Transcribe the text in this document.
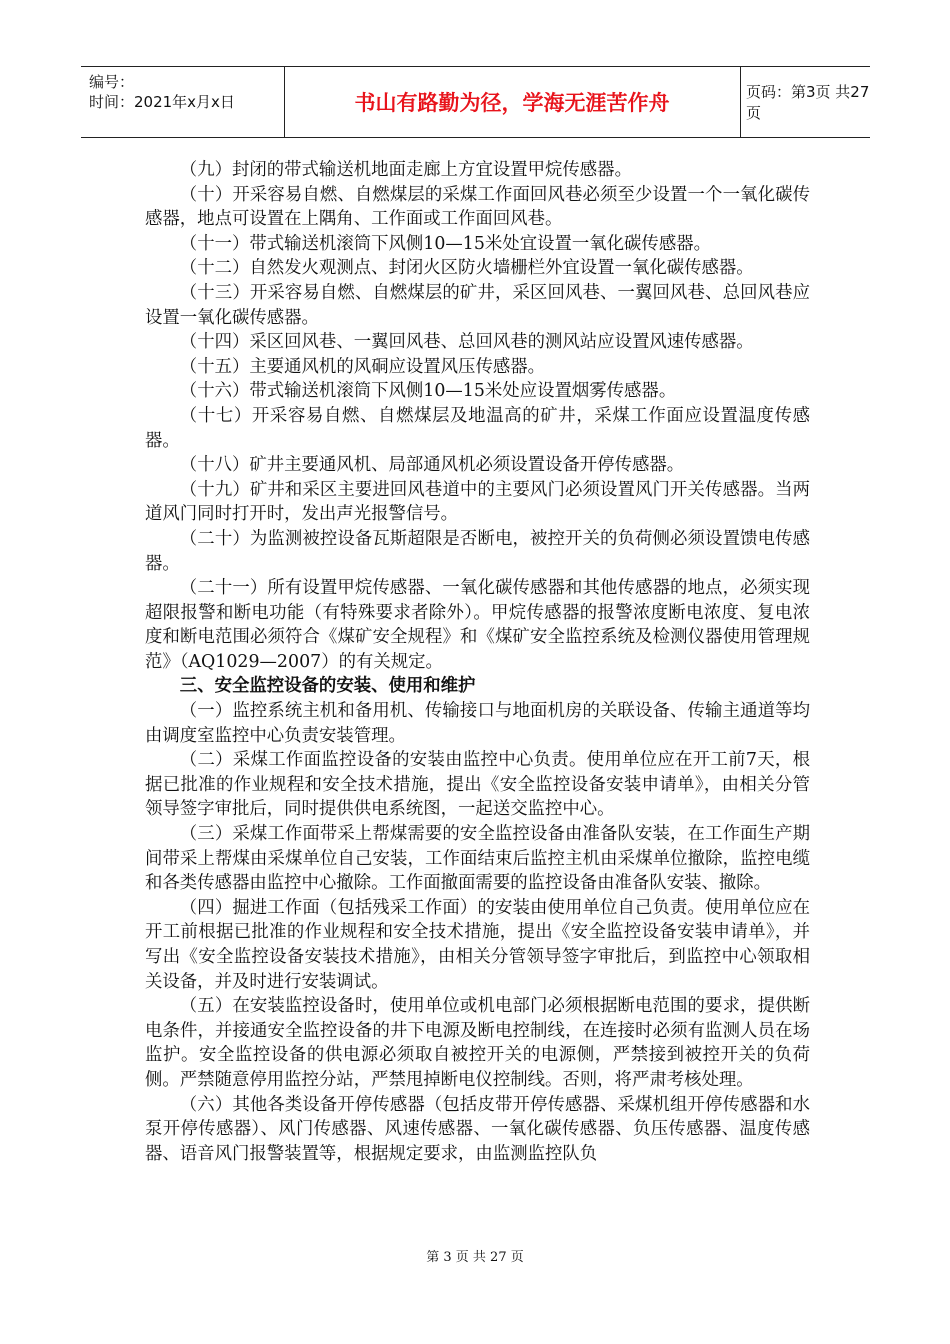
编号：
时间：2021年x月x日	书山有路勤为径，学海无涯苦作舟	页码：第3页 共27页

（九）封闭的带式输送机地面走廊上方宜设置甲烷传感器。

（十）开采容易自燃、自燃煤层的采煤工作面回风巷必须至少设置一个一氧化碳传感器，地点可设置在上隅角、工作面或工作面回风巷。

（十一）带式输送机滚筒下风侧10—15米处宜设置一氧化碳传感器。

（十二）自然发火观测点、封闭火区防火墙栅栏外宜设置一氧化碳传感器。

（十三）开采容易自燃、自燃煤层的矿井，采区回风巷、一翼回风巷、总回风巷应设置一氧化碳传感器。

（十四）采区回风巷、一翼回风巷、总回风巷的测风站应设置风速传感器。

（十五）主要通风机的风硐应设置风压传感器。

（十六）带式输送机滚筒下风侧10—15米处应设置烟雾传感器。

（十七）开采容易自燃、自燃煤层及地温高的矿井，采煤工作面应设置温度传感器。

（十八）矿井主要通风机、局部通风机必须设置设备开停传感器。

（十九）矿井和采区主要进回风巷道中的主要风门必须设置风门开关传感器。当两道风门同时打开时，发出声光报警信号。

（二十）为监测被控设备瓦斯超限是否断电，被控开关的负荷侧必须设置馈电传感器。

（二十一）所有设置甲烷传感器、一氧化碳传感器和其他传感器的地点，必须实现超限报警和断电功能（有特殊要求者除外）。甲烷传感器的报警浓度断电浓度、复电浓度和断电范围必须符合《煤矿安全规程》和《煤矿安全监控系统及检测仪器使用管理规范》（AQ1029—2007）的有关规定。

三、安全监控设备的安装、使用和维护

（一）监控系统主机和备用机、传输接口与地面机房的关联设备、传输主通道等均由调度室监控中心负责安装管理。

（二）采煤工作面监控设备的安装由监控中心负责。使用单位应在开工前7天，根据已批准的作业规程和安全技术措施，提出《安全监控设备安装申请单》，由相关分管领导签字审批后，同时提供供电系统图，一起送交监控中心。

（三）采煤工作面带采上帮煤需要的安全监控设备由准备队安装，在工作面生产期间带采上帮煤由采煤单位自己安装，工作面结束后监控主机由采煤单位撤除，监控电缆和各类传感器由监控中心撤除。工作面撤面需要的监控设备由准备队安装、撤除。

（四）掘进工作面（包括残采工作面）的安装由使用单位自己负责。使用单位应在开工前根据已批准的作业规程和安全技术措施，提出《安全监控设备安装申请单》，并写出《安全监控设备安装技术措施》，由相关分管领导签字审批后，到监控中心领取相关设备，并及时进行安装调试。

（五）在安装监控设备时，使用单位或机电部门必须根据断电范围的要求，提供断电条件，并接通安全监控设备的井下电源及断电控制线，在连接时必须有监测人员在场监护。安全监控设备的供电源必须取自被控开关的电源侧，严禁接到被控开关的负荷侧。严禁随意停用监控分站，严禁甩掉断电仪控制线。否则，将严肃考核处理。

（六）其他各类设备开停传感器（包括皮带开停传感器、采煤机组开停传感器和水泵开停传感器）、风门传感器、风速传感器、一氧化碳传感器、负压传感器、温度传感器、语音风门报警装置等，根据规定要求，由监测监控队负

第 3 页 共 27 页
